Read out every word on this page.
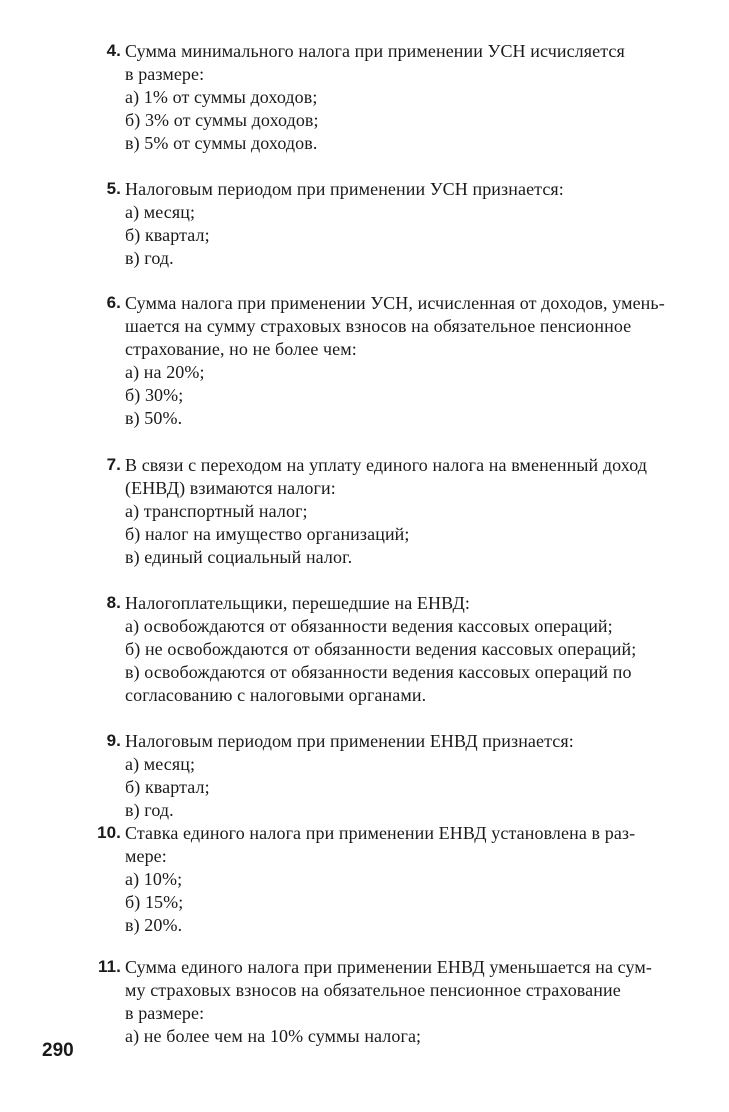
4. Сумма минимального налога при применении УСН исчисляется
в размере:
а) 1% от суммы доходов;
б) 3% от суммы доходов;
в) 5% от суммы доходов.
5. Налоговым периодом при применении УСН признается:
а) месяц;
б) квартал;
в) год.
6. Сумма налога при применении УСН, исчисленная от доходов, умень-
шается на сумму страховых взносов на обязательное пенсионное
страхование, но не более чем:
а) на 20%;
б) 30%;
в) 50%.
7. В связи с переходом на уплату единого налога на вмененный доход
(ЕНВД) взимаются налоги:
а) транспортный налог;
б) налог на имущество организаций;
в) единый социальный налог.
8. Налогоплательщики, перешедшие на ЕНВД:
а) освобождаются от обязанности ведения кассовых операций;
б) не освобождаются от обязанности ведения кассовых операций;
в) освобождаются от обязанности ведения кассовых операций по
согласованию с налоговыми органами.
9. Налоговым периодом при применении ЕНВД признается:
а) месяц;
б) квартал;
в) год.
10. Ставка единого налога при применении ЕНВД установлена в раз-
мере:
а) 10%;
б) 15%;
в) 20%.
11. Сумма единого налога при применении ЕНВД уменьшается на сум-
му страховых взносов на обязательное пенсионное страхование
в размере:
а) не более чем на 10% суммы налога;
290
